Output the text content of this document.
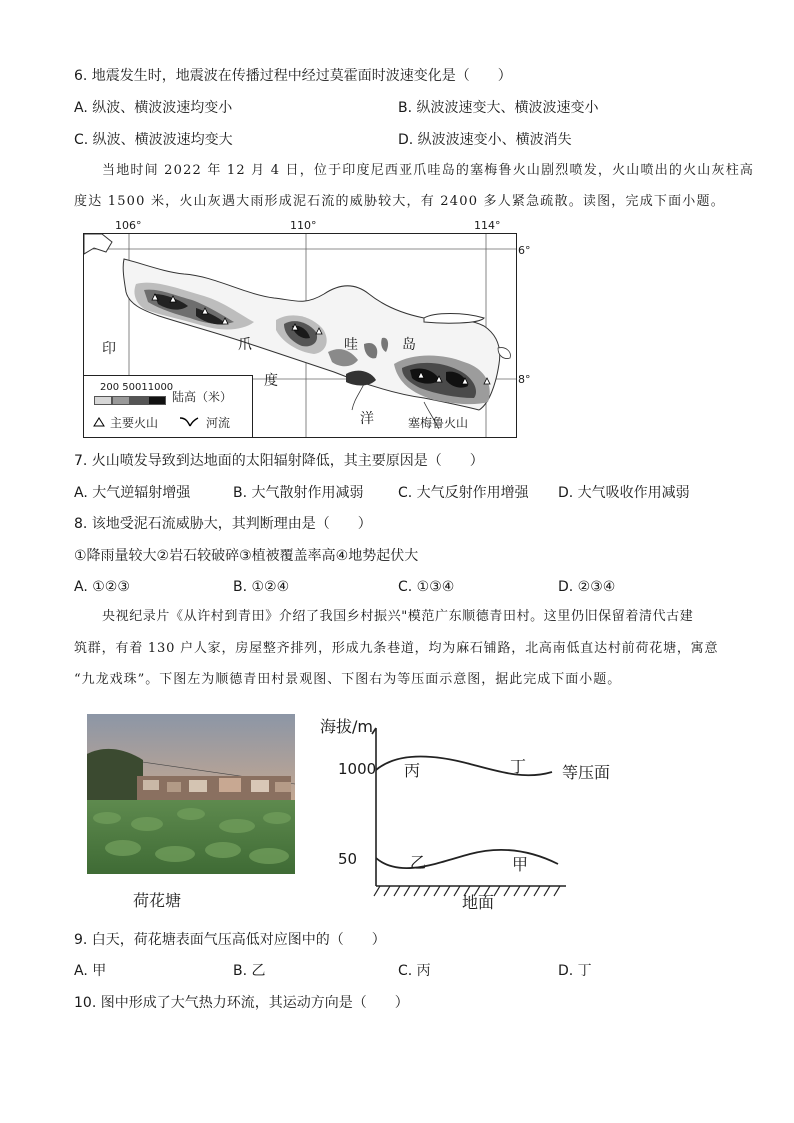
6. 地震发生时，地震波在传播过程中经过莫霍面时波速变化是（　　）
A. 纵波、横波波速均变小	B. 纵波波速变大、横波波速变小
C. 纵波、横波波速均变大	D. 纵波波速变小、横波消失
当地时间 2022 年 12 月 4 日，位于印度尼西亚爪哇岛的塞梅鲁火山剧烈喷发，火山喷出的火山灰柱高
度达 1500 米，火山灰遇大雨形成泥石流的威胁较大，有 2400 多人紧急疏散。读图，完成下面小题。
106°	110°	114°
6°
8°
印	爪	哇	岛
度
洋	塞梅鲁火山
200 50011000
陆高（米）
主要火山	河流
7. 火山喷发导致到达地面的太阳辐射降低，其主要原因是（　　）
A. 大气逆辐射增强	B. 大气散射作用减弱 C. 大气反射作用增强 D. 大气吸收作用减弱
8. 该地受泥石流威胁大，其判断理由是（　　）
①降雨量较大②岩石较破碎③植被覆盖率高④地势起伏大
A. ①②③	B. ①②④	C. ①③④	D. ②③④
央视纪录片《从许村到青田》介绍了我国乡村振兴"模范广东顺德青田村。这里仍旧保留着清代古建
筑群，有着 130 户人家，房屋整齐排列，形成九条巷道，均为麻石铺路，北高南低直达村前荷花塘，寓意
“九龙戏珠”。下图左为顺德青田村景观图、下图右为等压面示意图，据此完成下面小题。
荷花塘
海拔/m
1000
50
丙	丁
乙	甲
等压面
地面
9. 白天，荷花塘表面气压高低对应图中的（　　）
A. 甲	B. 乙	C. 丙	D. 丁
10. 图中形成了大气热力环流，其运动方向是（　　）
